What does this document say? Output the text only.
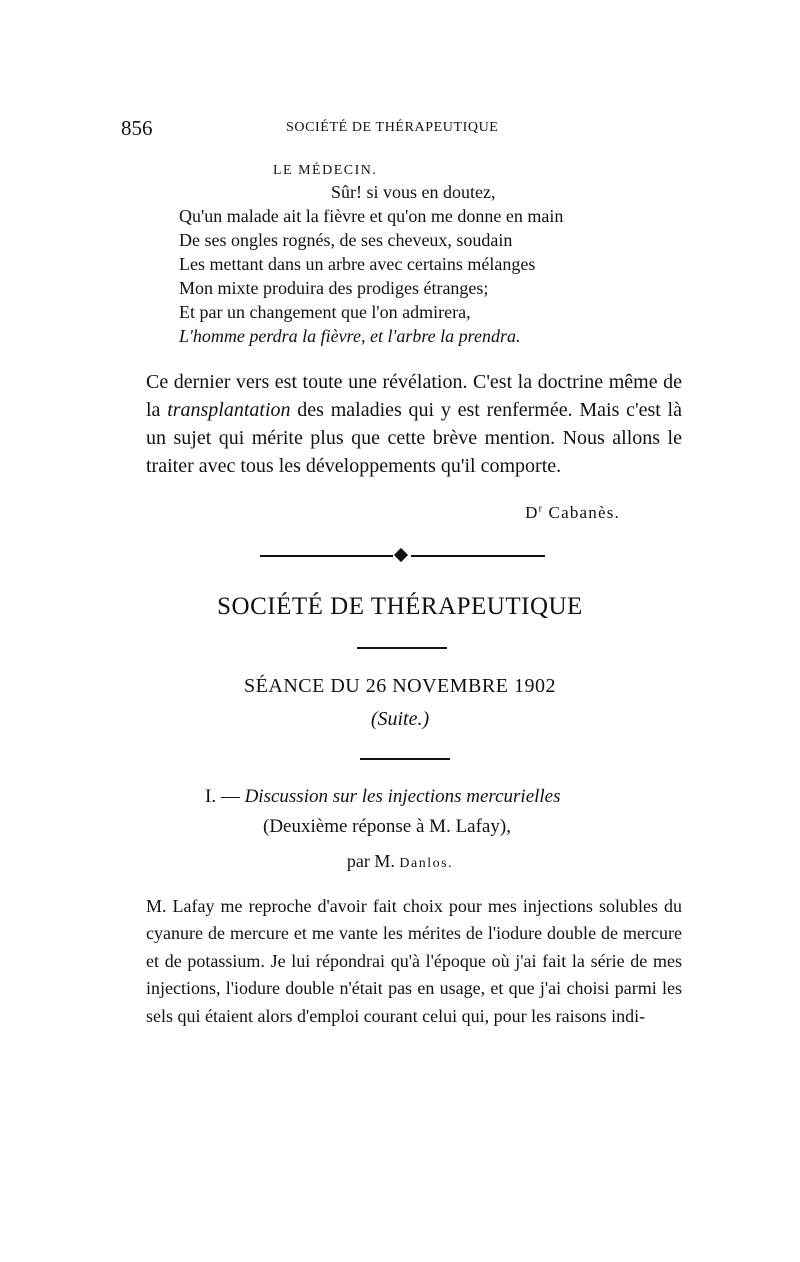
856	SOCIÉTÉ DE THÉRAPEUTIQUE
LE MÉDECIN.
Sûr! si vous en doutez,
Qu'un malade ait la fièvre et qu'on me donne en main
De ses ongles rognés, de ses cheveux, soudain
Les mettant dans un arbre avec certains mélanges
Mon mixte produira des prodiges étranges;
Et par un changement que l'on admirera,
L'homme perdra la fièvre, et l'arbre la prendra.
Ce dernier vers est toute une révélation. C'est la doctrine même de la transplantation des maladies qui y est renfermée. Mais c'est là un sujet qui mérite plus que cette brève mention. Nous allons le traiter avec tous les développements qu'il comporte.
$D^r$ Cabanès.
SOCIÉTÉ DE THÉRAPEUTIQUE
SÉANCE DU 26 NOVEMBRE 1902
(Suite.)
I. — Discussion sur les injections mercurielles
(Deuxième réponse à M. Lafay),
par M. Danlos.
M. Lafay me reproche d'avoir fait choix pour mes injections solubles du cyanure de mercure et me vante les mérites de l'iodure double de mercure et de potassium. Je lui répondrai qu'à l'époque où j'ai fait la série de mes injections, l'iodure double n'était pas en usage, et que j'ai choisi parmi les sels qui étaient alors d'emploi courant celui qui, pour les raisons indi-
